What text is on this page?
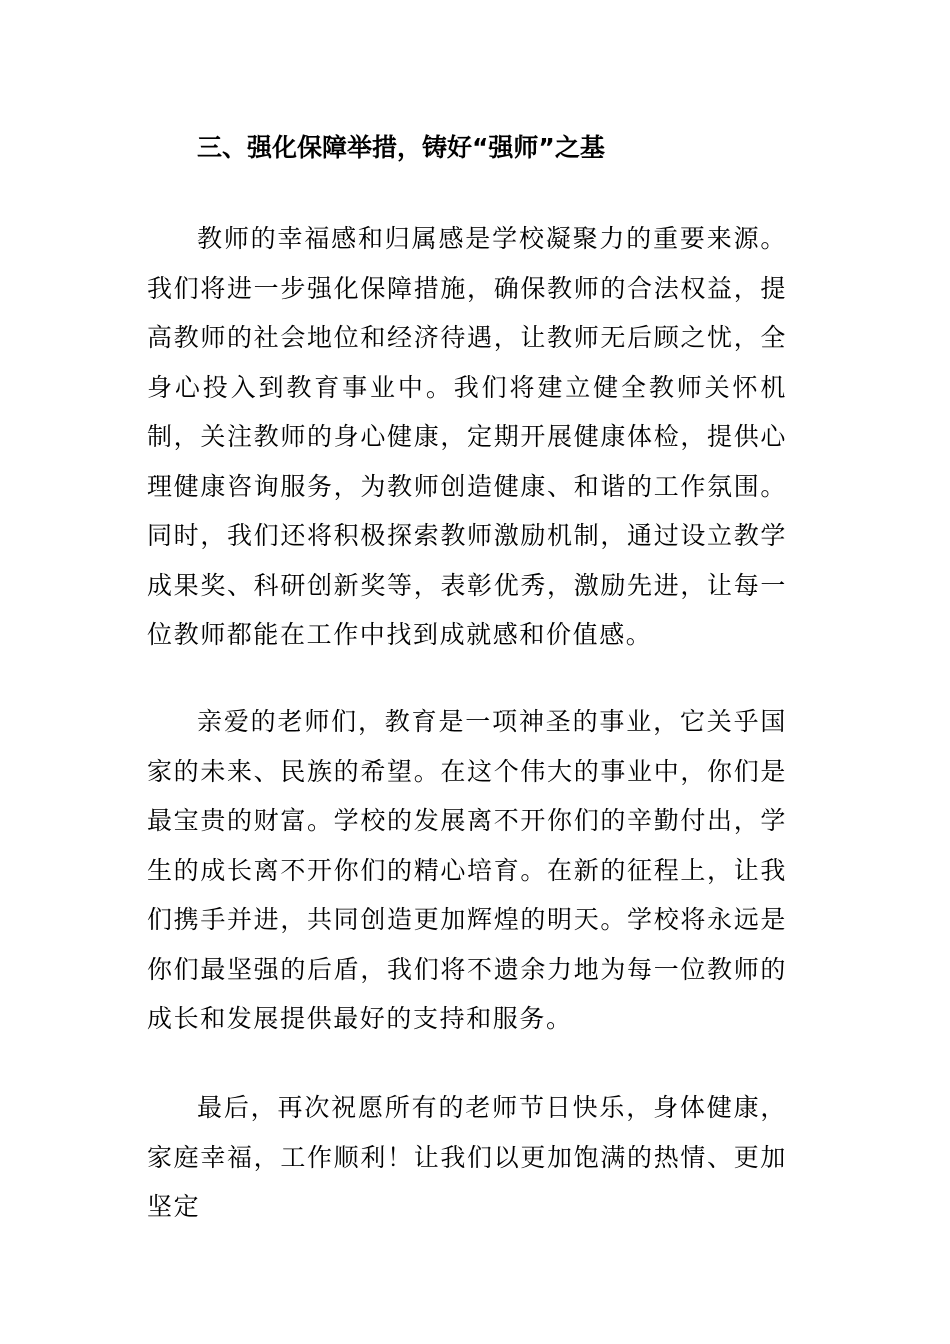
三、强化保障举措，铸好“强师”之基

教师的幸福感和归属感是学校凝聚力的重要来源。我们将进一步强化保障措施，确保教师的合法权益，提高教师的社会地位和经济待遇，让教师无后顾之忧，全身心投入到教育事业中。我们将建立健全教师关怀机制，关注教师的身心健康，定期开展健康体检，提供心理健康咨询服务，为教师创造健康、和谐的工作氛围。同时，我们还将积极探索教师激励机制，通过设立教学成果奖、科研创新奖等，表彰优秀，激励先进，让每一位教师都能在工作中找到成就感和价值感。

亲爱的老师们，教育是一项神圣的事业，它关乎国家的未来、民族的希望。在这个伟大的事业中，你们是最宝贵的财富。学校的发展离不开你们的辛勤付出，学生的成长离不开你们的精心培育。在新的征程上，让我们携手并进，共同创造更加辉煌的明天。学校将永远是你们最坚强的后盾，我们将不遗余力地为每一位教师的成长和发展提供最好的支持和服务。

最后，再次祝愿所有的老师节日快乐，身体健康，家庭幸福，工作顺利！让我们以更加饱满的热情、更加坚定
